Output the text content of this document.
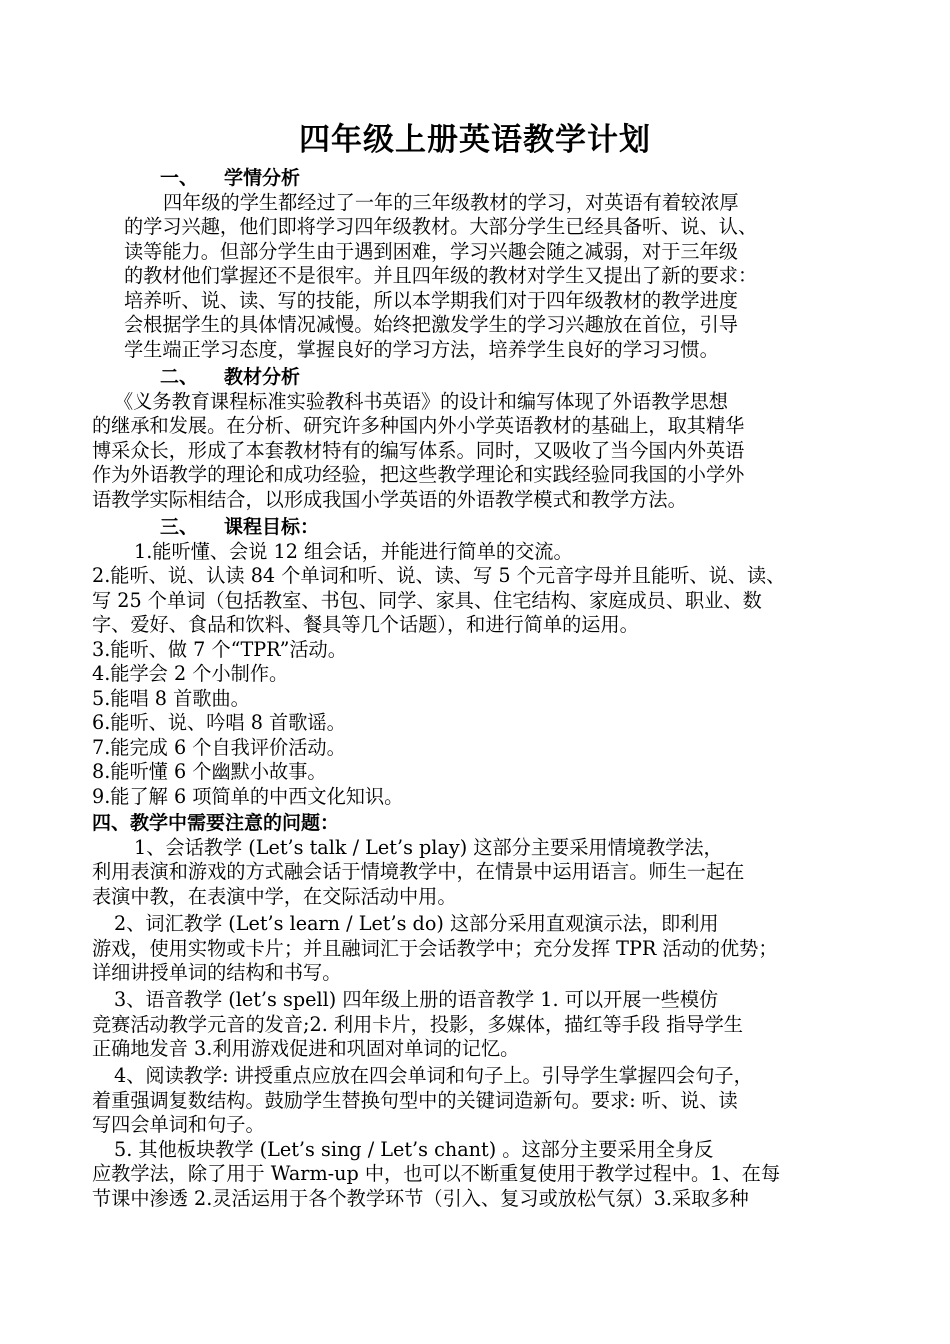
四年级上册英语教学计划
一、 学情分析
四年级的学生都经过了一年的三年级教材的学习，对英语有着较浓厚
的学习兴趣，他们即将学习四年级教材。大部分学生已经具备听、说、认、
读等能力。但部分学生由于遇到困难，学习兴趣会随之减弱，对于三年级
的教材他们掌握还不是很牢。并且四年级的教材对学生又提出了新的要求：
培养听、说、读、写的技能，所以本学期我们对于四年级教材的教学进度
会根据学生的具体情况减慢。始终把激发学生的学习兴趣放在首位，引导
学生端正学习态度，掌握良好的学习方法，培养学生良好的学习习惯。
二、 教材分析
《义务教育课程标准实验教科书英语》的设计和编写体现了外语教学思想
的继承和发展。在分析、研究许多种国内外小学英语教材的基础上，取其精华
博采众长，形成了本套教材特有的编写体系。同时，又吸收了当今国内外英语
作为外语教学的理论和成功经验，把这些教学理论和实践经验同我国的小学外
语教学实际相结合，以形成我国小学英语的外语教学模式和教学方法。
三、 课程目标：
1.能听懂、会说 12 组会话，并能进行简单的交流。
2.能听、说、认读 84 个单词和听、说、读、写 5 个元音字母并且能听、说、读、
写 25 个单词（包括教室、书包、同学、家具、住宅结构、家庭成员、职业、数
字、爱好、食品和饮料、餐具等几个话题），和进行简单的运用。
3.能听、做 7 个“TPR”活动。
4.能学会 2 个小制作。
5.能唱 8 首歌曲。
6.能听、说、吟唱 8 首歌谣。
7.能完成 6 个自我评价活动。
8.能听懂 6 个幽默小故事。
9.能了解 6 项简单的中西文化知识。
四、教学中需要注意的问题：
1、会话教学 (Let’s talk / Let’s play) 这部分主要采用情境教学法，
利用表演和游戏的方式融会话于情境教学中，在情景中运用语言。师生一起在
表演中教，在表演中学，在交际活动中用。
2、词汇教学 (Let’s learn / Let’s do) 这部分采用直观演示法，即利用
游戏，使用实物或卡片；并且融词汇于会话教学中；充分发挥 TPR 活动的优势；
详细讲授单词的结构和书写。
3、语音教学 (let’s spell) 四年级上册的语音教学 1. 可以开展一些模仿
竞赛活动教学元音的发音;2. 利用卡片，投影，多媒体，描红等手段 指导学生
正确地发音 3.利用游戏促进和巩固对单词的记忆。
4、阅读教学: 讲授重点应放在四会单词和句子上。引导学生掌握四会句子，
着重强调复数结构。鼓励学生替换句型中的关键词造新句。要求: 听、说、读
写四会单词和句子。
5. 其他板块教学 (Let’s sing / Let’s chant) 。这部分主要采用全身反
应教学法，除了用于 Warm-up 中，也可以不断重复使用于教学过程中。1、在每
节课中渗透 2.灵活运用于各个教学环节（引入、复习或放松气氛）3.采取多种
